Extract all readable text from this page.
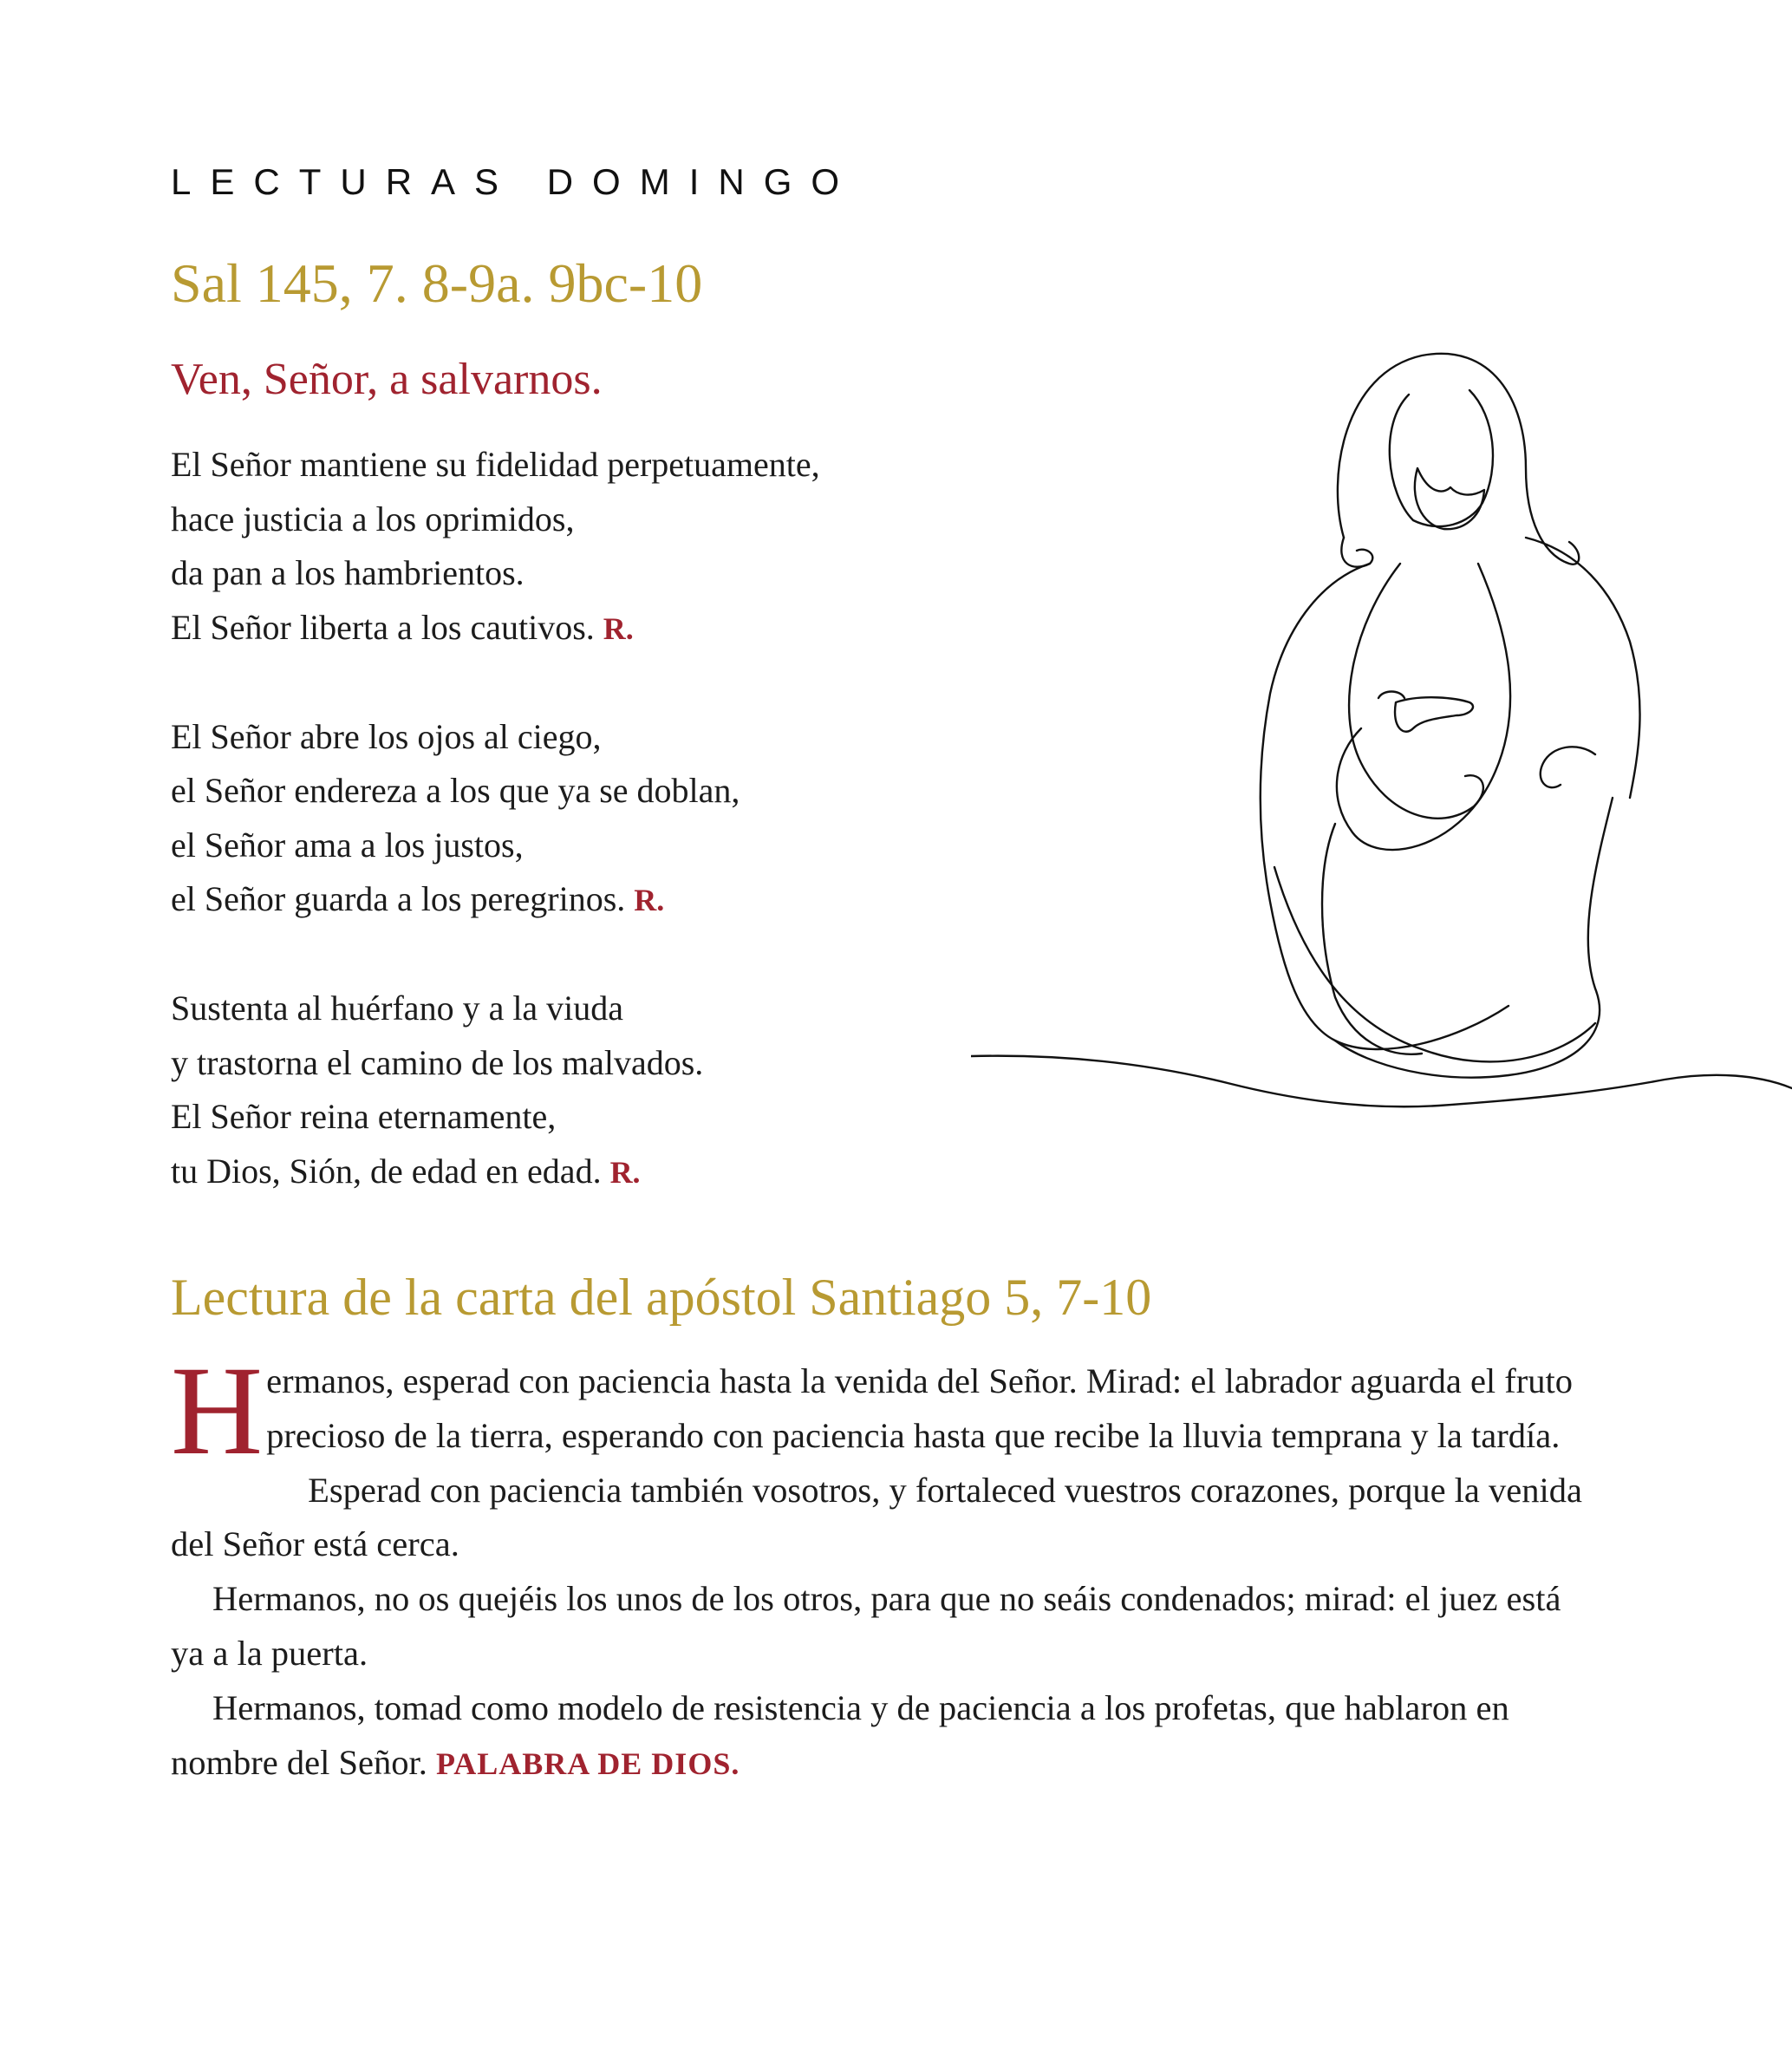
LECTURAS DOMINGO
Sal 145, 7. 8-9a. 9bc-10
Ven, Señor, a salvarnos.
El Señor mantiene su fidelidad perpetuamente,
hace justicia a los oprimidos,
da pan a los hambrientos.
El Señor liberta a los cautivos. R.
El Señor abre los ojos al ciego,
el Señor endereza a los que ya se doblan,
el Señor ama a los justos,
el Señor guarda a los peregrinos. R.
Sustenta al huérfano y a la viuda
y trastorna el camino de los malvados.
El Señor reina eternamente,
tu Dios, Sión, de edad en edad. R.
Lectura de la carta del apóstol Santiago 5, 7-10

Hermanos, esperad con paciencia hasta la venida del Señor. Mirad: el labrador aguarda el fruto precioso de la tierra, esperando con paciencia hasta que recibe la lluvia temprana y la tardía.

Esperad con paciencia también vosotros, y fortaleced vuestros corazones, porque la venida del Señor está cerca.

Hermanos, no os quejéis los unos de los otros, para que no seáis condenados; mirad: el juez está ya a la puerta.

Hermanos, tomad como modelo de resistencia y de paciencia a los profetas, que hablaron en nombre del Señor. PALABRA DE DIOS.
